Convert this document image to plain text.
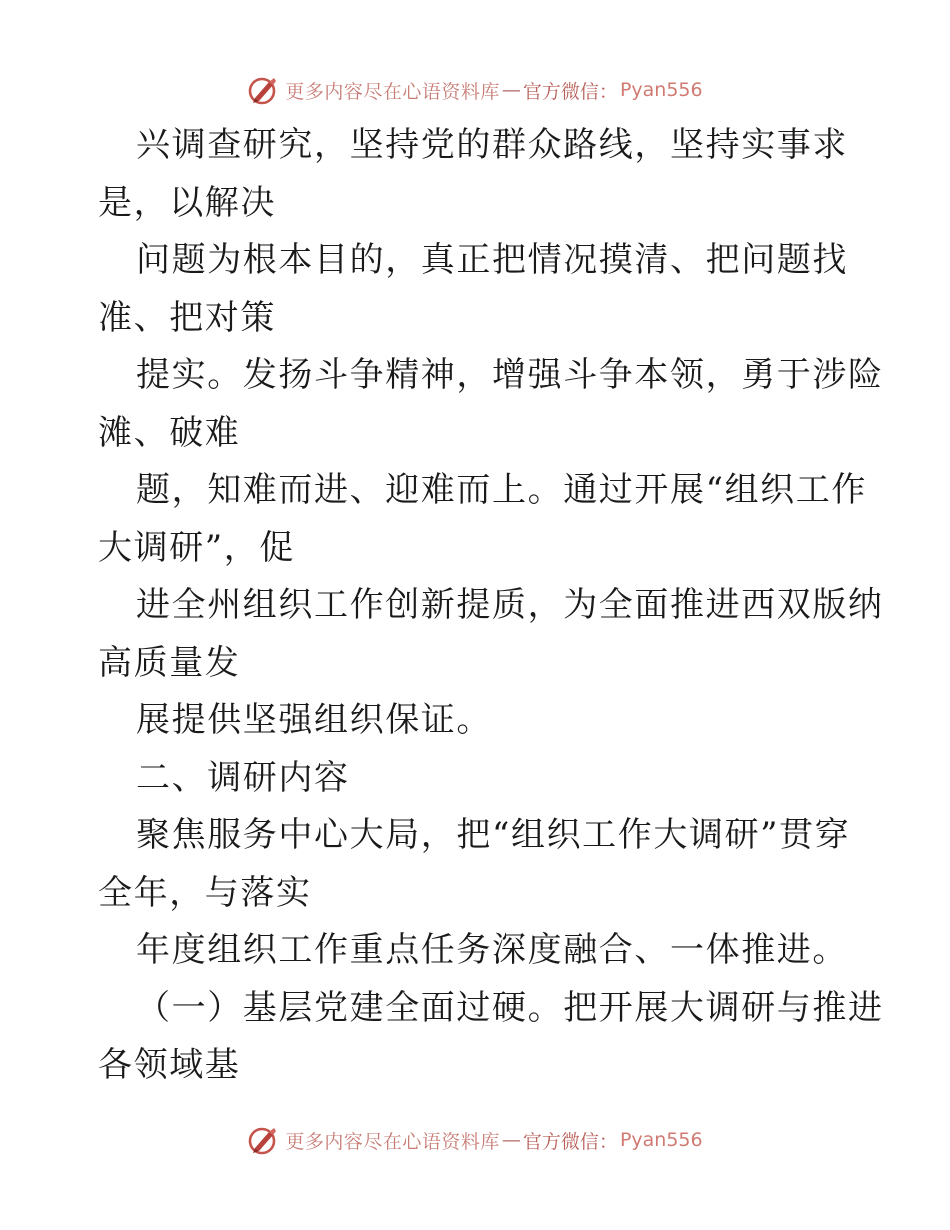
更多内容尽在心语资料库 — 官方微信： Pyan556
兴调查研究，坚持党的群众路线，坚持实事求
是，以解决
问题为根本目的，真正把情况摸清、把问题找
准、把对策
提实。发扬斗争精神，增强斗争本领，勇于涉险
滩、破难
题，知难而进、迎难而上。通过开展“组织工作
大调研”，促
进全州组织工作创新提质，为全面推进西双版纳
高质量发
展提供坚强组织保证。
二、调研内容
聚焦服务中心大局，把“组织工作大调研”贯穿
全年，与落实
年度组织工作重点任务深度融合、一体推进。
（一）基层党建全面过硬。把开展大调研与推进
各领域基
更多内容尽在心语资料库 — 官方微信： Pyan556
